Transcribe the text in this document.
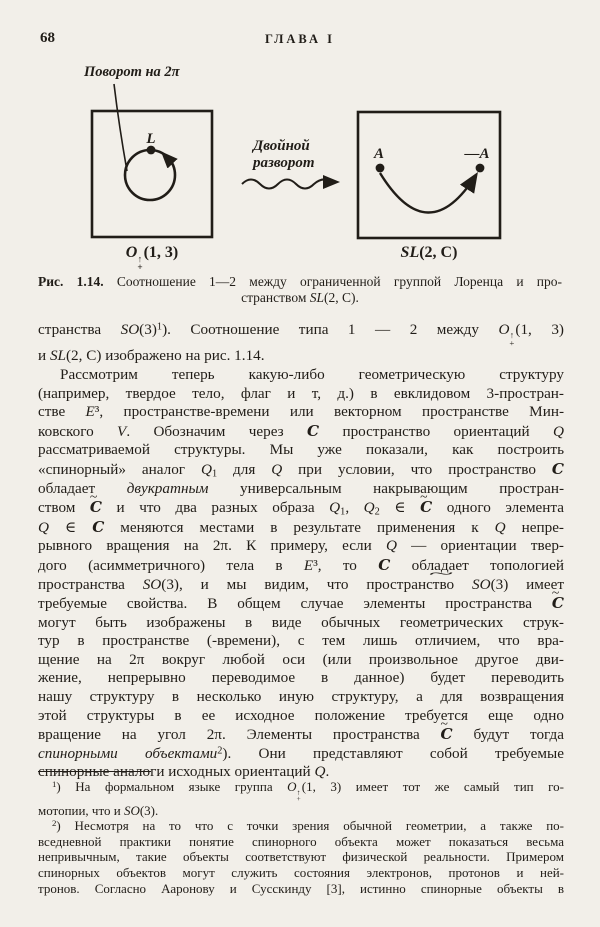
68	ГЛАВА I
L
A	—A
Поворот на 2π
Двойной
разворот
O ↑
+
(1, 3)	SL(2, C)
Рис. 1.14. Соотношение 1—2 между ограниченной группой Лоренца и про-
странством SL(2, C).
странства $SO(3)^1$). Соотношение типа 1 — 2 между O ↑
+
(1, 3)
и SL(2, C) изображено на рис. 1.14.
Рассмотрим теперь какую-либо геометрическую структуру
(например, твердое тело, флаг и т, д.) в евклидовом 3-простран-
стве E³, пространстве-времени или векторном пространстве Мин-
ковского V. Обозначим через C пространство ориентаций Q
рассматриваемой структуры. Мы уже показали, как построить
«спинорный» аналог $Q_1$ для Q при условии, что пространство C
обладает двукратным универсальным накрывающим простран-
ством ~ C и что два разных образа $Q_1$, $Q_2$ ∈ ~ C одного элемента
Q ∈ C меняются местами в результате применения к Q непре-
рывного вращения на 2π. К примеру, если Q — ориентации твер-
дого (асимметричного) тела в E³, то C обладает топологией
пространства SO(3), и мы видим, что пространство ~ SO(3) имеет
требуемые свойства. В общем случае элементы пространства ~ C
могут быть изображены в виде обычных геометрических струк-
тур в пространстве (-времени), с тем лишь отличием, что вра-
щение на 2π вокруг любой оси (или произвольное другое дви-
жение, непрерывно переводимое в данное) будет переводить
нашу структуру в несколько иную структуру, а для возвращения
этой структуры в ее исходное положение требуется еще одно
вращение на угол 2π. Элементы пространства ~ C будут тогда
спинорными объектами$^2$). Они представляют собой требуемые
спинорные аналоги исходных ориентаций Q.
$^1$) На формальном языке группа O ↑
+
(1, 3) имеет тот же самый тип го-
мотопии, что и SO(3).
$^2$) Несмотря на то что с точки зрения обычной геометрии, а также по-
вседневной практики понятие спинорного объекта может показаться весьма
непривычным, такие объекты соответствуют физической реальности. Примером
спинорных объектов могут служить состояния электронов, протонов и ней-
тронов. Согласно Ааронову и Сусскинду [3], истинно спинорные объекты в
